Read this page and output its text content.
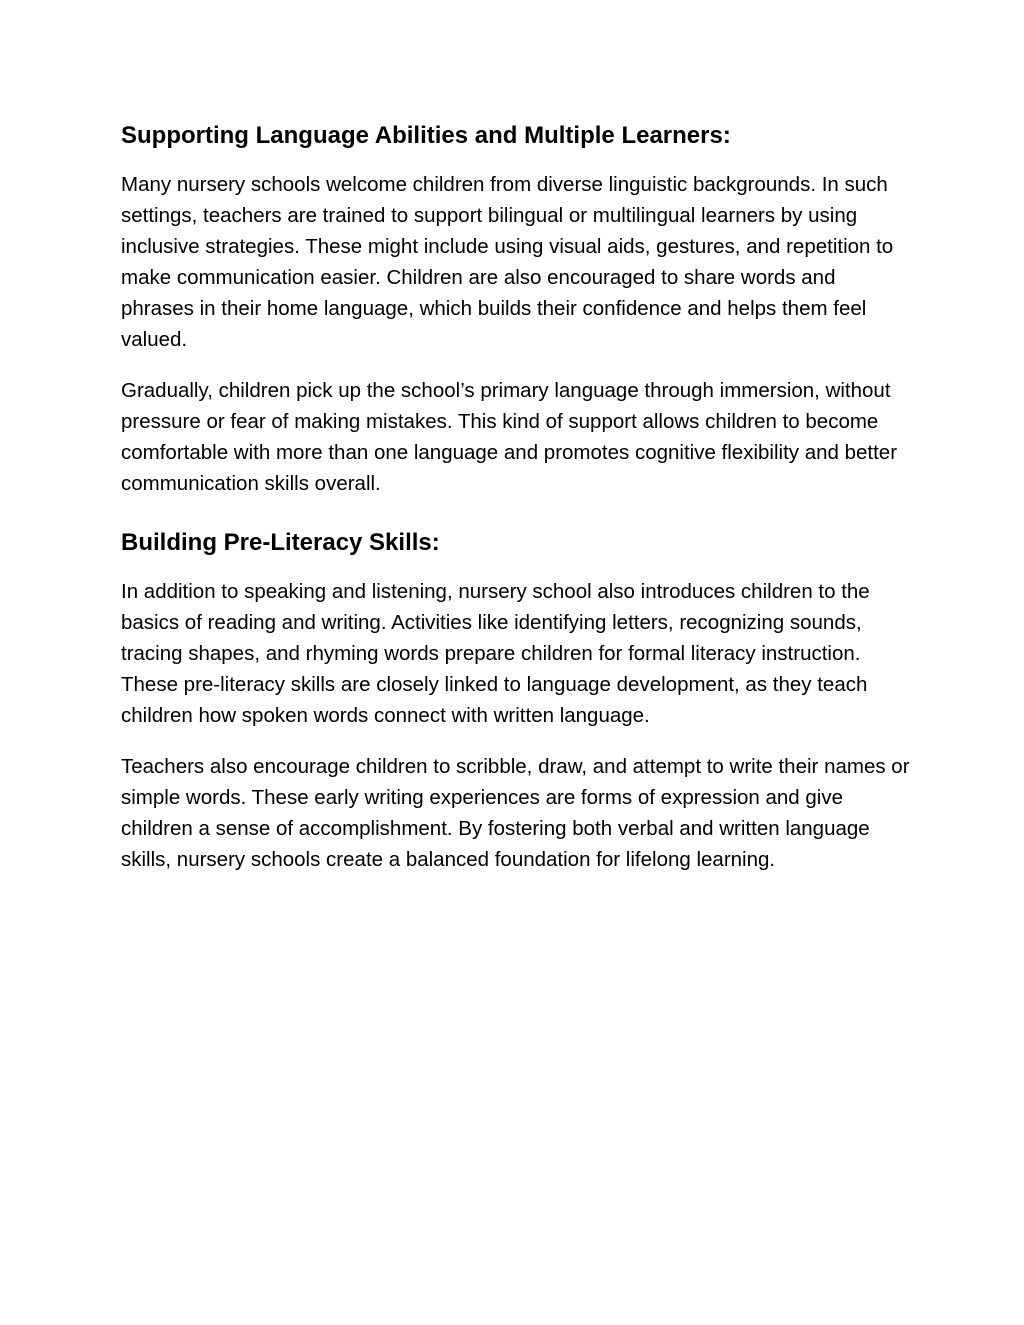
Supporting Language Abilities and Multiple Learners:

Many nursery schools welcome children from diverse linguistic backgrounds. In such settings, teachers are trained to support bilingual or multilingual learners by using inclusive strategies. These might include using visual aids, gestures, and repetition to make communication easier. Children are also encouraged to share words and phrases in their home language, which builds their confidence and helps them feel valued.

Gradually, children pick up the school’s primary language through immersion, without pressure or fear of making mistakes. This kind of support allows children to become comfortable with more than one language and promotes cognitive flexibility and better communication skills overall.

Building Pre-Literacy Skills:

In addition to speaking and listening, nursery school also introduces children to the basics of reading and writing. Activities like identifying letters, recognizing sounds, tracing shapes, and rhyming words prepare children for formal literacy instruction. These pre-literacy skills are closely linked to language development, as they teach children how spoken words connect with written language.

Teachers also encourage children to scribble, draw, and attempt to write their names or simple words. These early writing experiences are forms of expression and give children a sense of accomplishment. By fostering both verbal and written language skills, nursery schools create a balanced foundation for lifelong learning.
